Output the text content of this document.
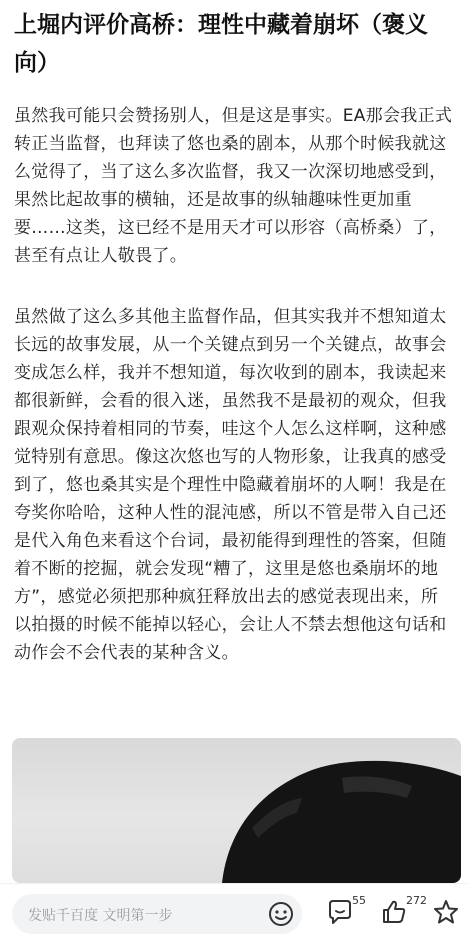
上堀内评价高桥：理性中藏着崩坏（褒义向）

虽然我可能只会赞扬别人，但是这是事实。EA那会我正式转正当监督，也拜读了悠也桑的剧本，从那个时候我就这么觉得了，当了这么多次监督，我又一次深切地感受到，果然比起故事的横轴，还是故事的纵轴趣味性更加重要……这类，这已经不是用天才可以形容（高桥桑）了，甚至有点让人敬畏了。

虽然做了这么多其他主监督作品，但其实我并不想知道太长远的故事发展，从一个关键点到另一个关键点，故事会变成怎么样，我并不想知道，每次收到的剧本，我读起来都很新鲜，会看的很入迷，虽然我不是最初的观众，但我跟观众保持着相同的节奏，哇这个人怎么这样啊，这种感觉特别有意思。像这次悠也写的人物形象，让我真的感受到了，悠也桑其实是个理性中隐藏着崩坏的人啊！我是在夸奖你哈哈，这种人性的混沌感，所以不管是带入自己还是代入角色来看这个台词，最初能得到理性的答案，但随着不断的挖掘，就会发现“糟了，这里是悠也桑崩坏的地方”，感觉必须把那种疯狂释放出去的感觉表现出来，所以拍摄的时候不能掉以轻心，会让人不禁去想他这句话和动作会不会代表的某种含义。

发贴千百度 文明第一步
55	272
